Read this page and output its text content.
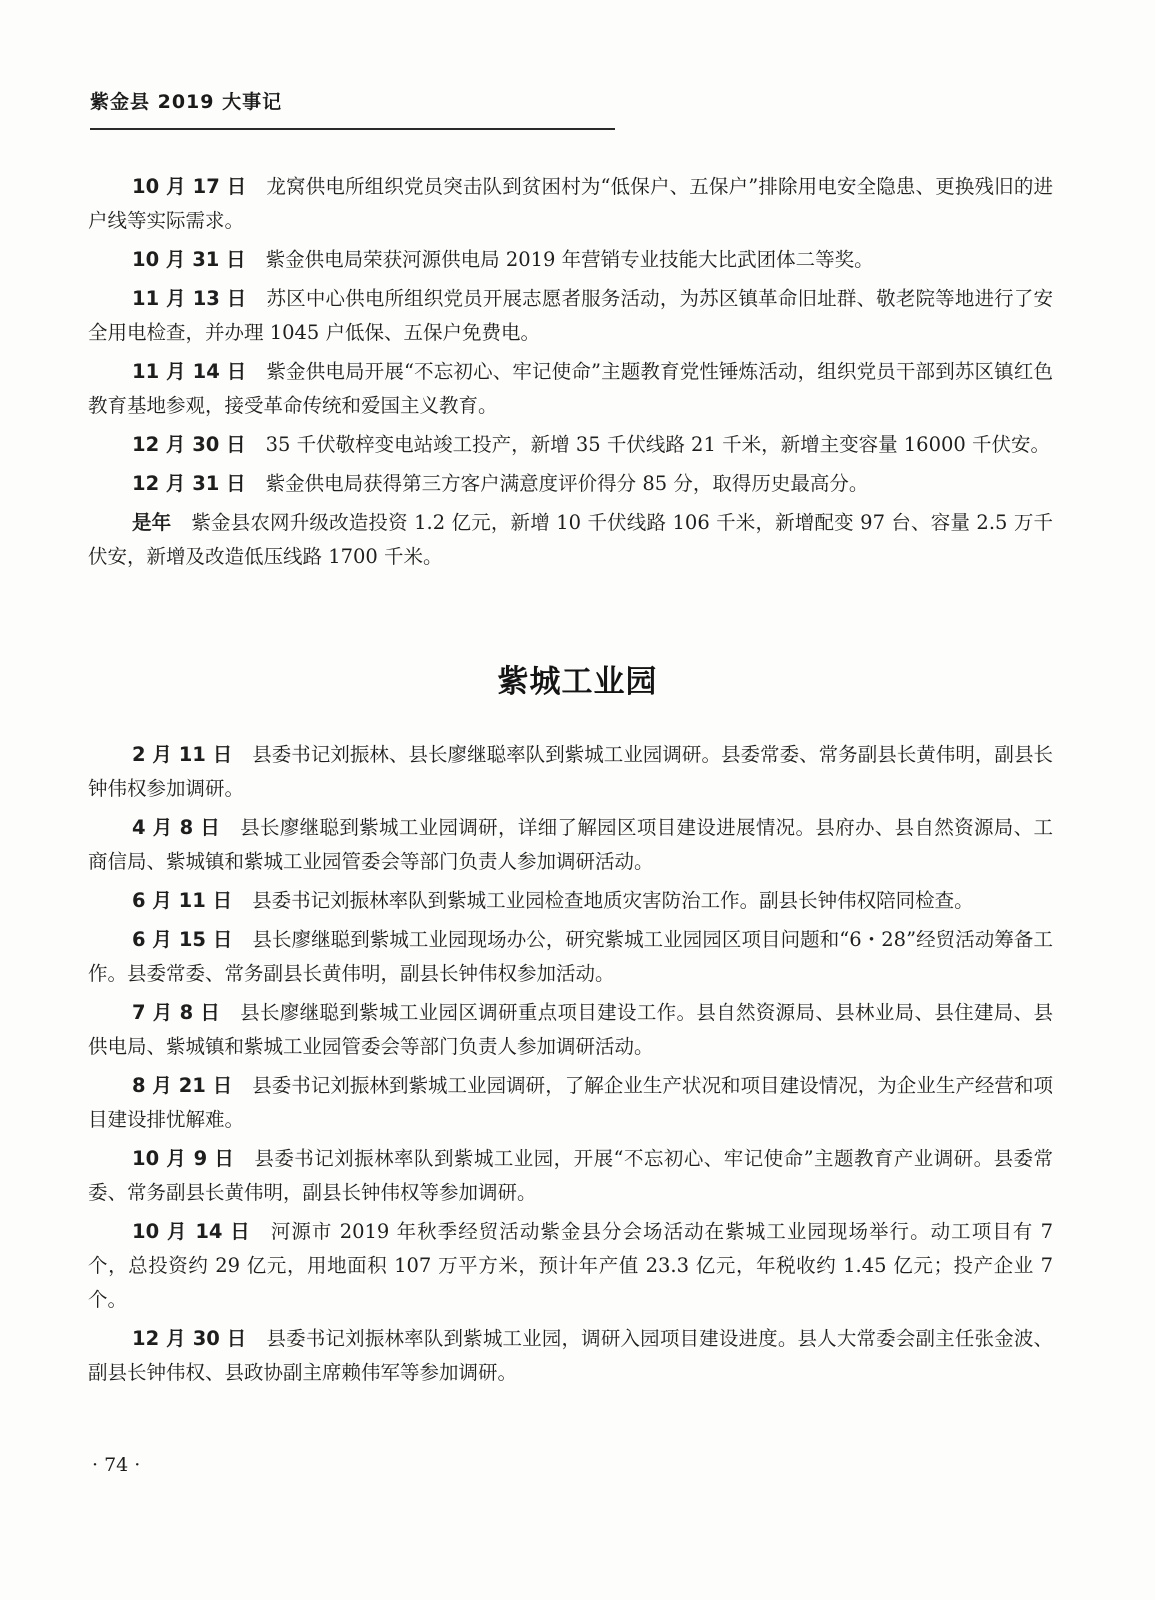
紫金县 2019 大事记

10 月 17 日 龙窝供电所组织党员突击队到贫困村为“低保户、五保户”排除用电安全隐患、更换残旧的进户线等实际需求。

10 月 31 日 紫金供电局荣获河源供电局 2019 年营销专业技能大比武团体二等奖。

11 月 13 日 苏区中心供电所组织党员开展志愿者服务活动，为苏区镇革命旧址群、敬老院等地进行了安全用电检查，并办理 1045 户低保、五保户免费电。

11 月 14 日 紫金供电局开展“不忘初心、牢记使命”主题教育党性锤炼活动，组织党员干部到苏区镇红色教育基地参观，接受革命传统和爱国主义教育。

12 月 30 日 35 千伏敬梓变电站竣工投产，新增 35 千伏线路 21 千米，新增主变容量 16000 千伏安。

12 月 31 日 紫金供电局获得第三方客户满意度评价得分 85 分，取得历史最高分。

是年 紫金县农网升级改造投资 1.2 亿元，新增 10 千伏线路 106 千米，新增配变 97 台、容量 2.5 万千伏安，新增及改造低压线路 1700 千米。

紫城工业园

2 月 11 日 县委书记刘振林、县长廖继聪率队到紫城工业园调研。县委常委、常务副县长黄伟明，副县长钟伟权参加调研。

4 月 8 日 县长廖继聪到紫城工业园调研，详细了解园区项目建设进展情况。县府办、县自然资源局、工商信局、紫城镇和紫城工业园管委会等部门负责人参加调研活动。

6 月 11 日 县委书记刘振林率队到紫城工业园检查地质灾害防治工作。副县长钟伟权陪同检查。

6 月 15 日 县长廖继聪到紫城工业园现场办公，研究紫城工业园园区项目问题和“6・28”经贸活动筹备工作。县委常委、常务副县长黄伟明，副县长钟伟权参加活动。

7 月 8 日 县长廖继聪到紫城工业园区调研重点项目建设工作。县自然资源局、县林业局、县住建局、县供电局、紫城镇和紫城工业园管委会等部门负责人参加调研活动。

8 月 21 日 县委书记刘振林到紫城工业园调研，了解企业生产状况和项目建设情况，为企业生产经营和项目建设排忧解难。

10 月 9 日 县委书记刘振林率队到紫城工业园，开展“不忘初心、牢记使命”主题教育产业调研。县委常委、常务副县长黄伟明，副县长钟伟权等参加调研。

10 月 14 日 河源市 2019 年秋季经贸活动紫金县分会场活动在紫城工业园现场举行。动工项目有 7 个，总投资约 29 亿元，用地面积 107 万平方米，预计年产值 23.3 亿元，年税收约 1.45 亿元；投产企业 7 个。

12 月 30 日 县委书记刘振林率队到紫城工业园，调研入园项目建设进度。县人大常委会副主任张金波、副县长钟伟权、县政协副主席赖伟军等参加调研。

· 74 ·
